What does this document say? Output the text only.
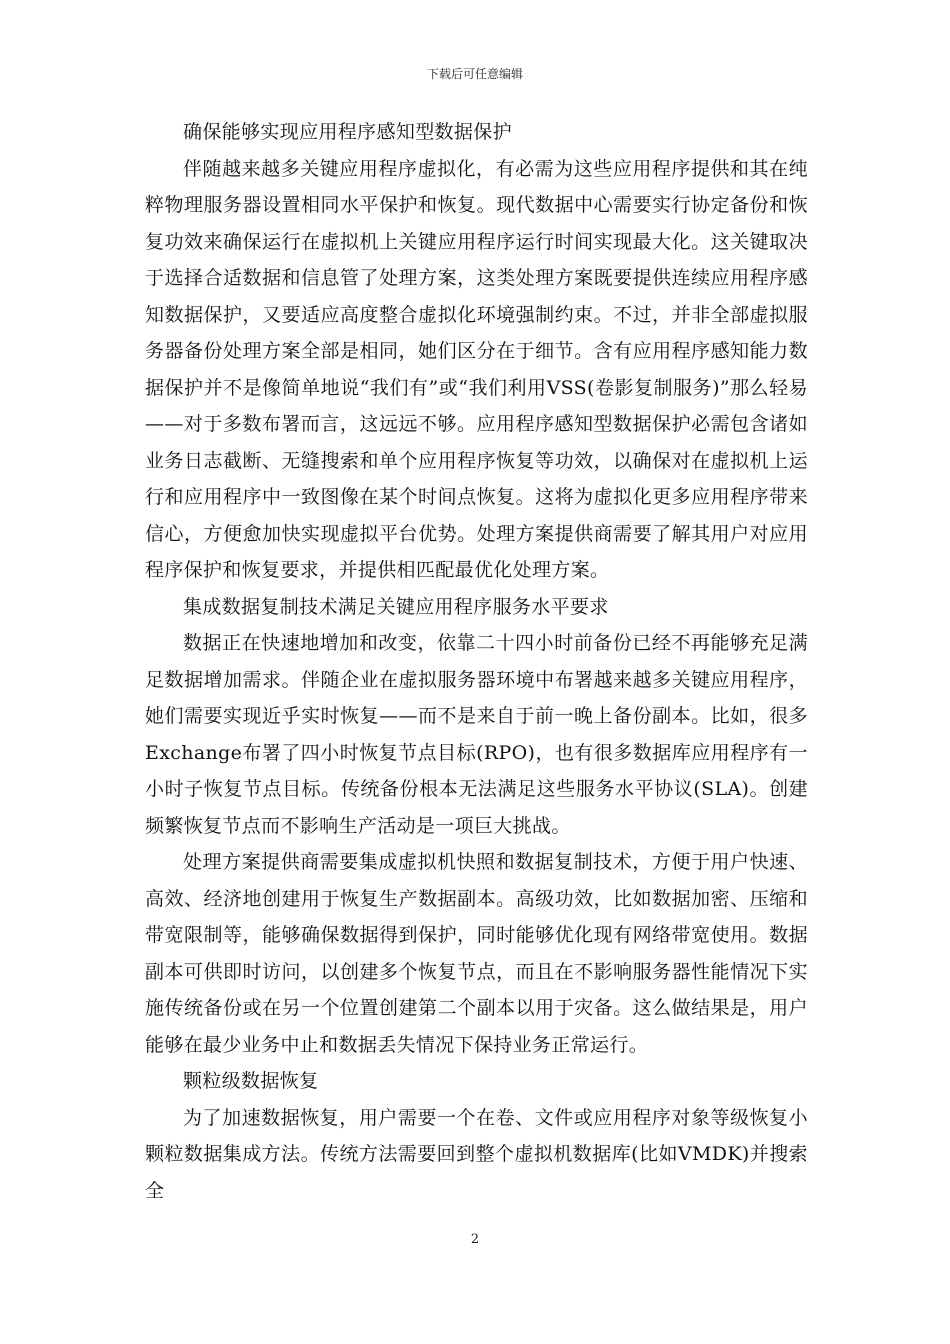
下载后可任意编辑

确保能够实现应用程序感知型数据保护

伴随越来越多关键应用程序虚拟化，有必需为这些应用程序提供和其在纯粹物理服务器设置相同水平保护和恢复。现代数据中心需要实行协定备份和恢复功效来确保运行在虚拟机上关键应用程序运行时间实现最大化。这关键取决于选择合适数据和信息管了处理方案，这类处理方案既要提供连续应用程序感知数据保护，又要适应高度整合虚拟化环境强制约束。不过，并非全部虚拟服务器备份处理方案全部是相同，她们区分在于细节。含有应用程序感知能力数据保护并不是像简单地说“我们有”或“我们利用VSS(卷影复制服务)”那么轻易——对于多数布署而言，这远远不够。应用程序感知型数据保护必需包含诸如业务日志截断、无缝搜索和单个应用程序恢复等功效，以确保对在虚拟机上运行和应用程序中一致图像在某个时间点恢复。这将为虚拟化更多应用程序带来信心，方便愈加快实现虚拟平台优势。处理方案提供商需要了解其用户对应用程序保护和恢复要求，并提供相匹配最优化处理方案。

集成数据复制技术满足关键应用程序服务水平要求

数据正在快速地增加和改变，依靠二十四小时前备份已经不再能够充足满足数据增加需求。伴随企业在虚拟服务器环境中布署越来越多关键应用程序，她们需要实现近乎实时恢复——而不是来自于前一晚上备份副本。比如，很多Exchange布署了四小时恢复节点目标(RPO)，也有很多数据库应用程序有一小时子恢复节点目标。传统备份根本无法满足这些服务水平协议(SLA)。创建频繁恢复节点而不影响生产活动是一项巨大挑战。

处理方案提供商需要集成虚拟机快照和数据复制技术，方便于用户快速、高效、经济地创建用于恢复生产数据副本。高级功效，比如数据加密、压缩和带宽限制等，能够确保数据得到保护，同时能够优化现有网络带宽使用。数据副本可供即时访问，以创建多个恢复节点，而且在不影响服务器性能情况下实施传统备份或在另一个位置创建第二个副本以用于灾备。这么做结果是，用户能够在最少业务中止和数据丢失情况下保持业务正常运行。

颗粒级数据恢复

为了加速数据恢复，用户需要一个在卷、文件或应用程序对象等级恢复小颗粒数据集成方法。传统方法需要回到整个虚拟机数据库(比如VMDK)并搜索全

2
